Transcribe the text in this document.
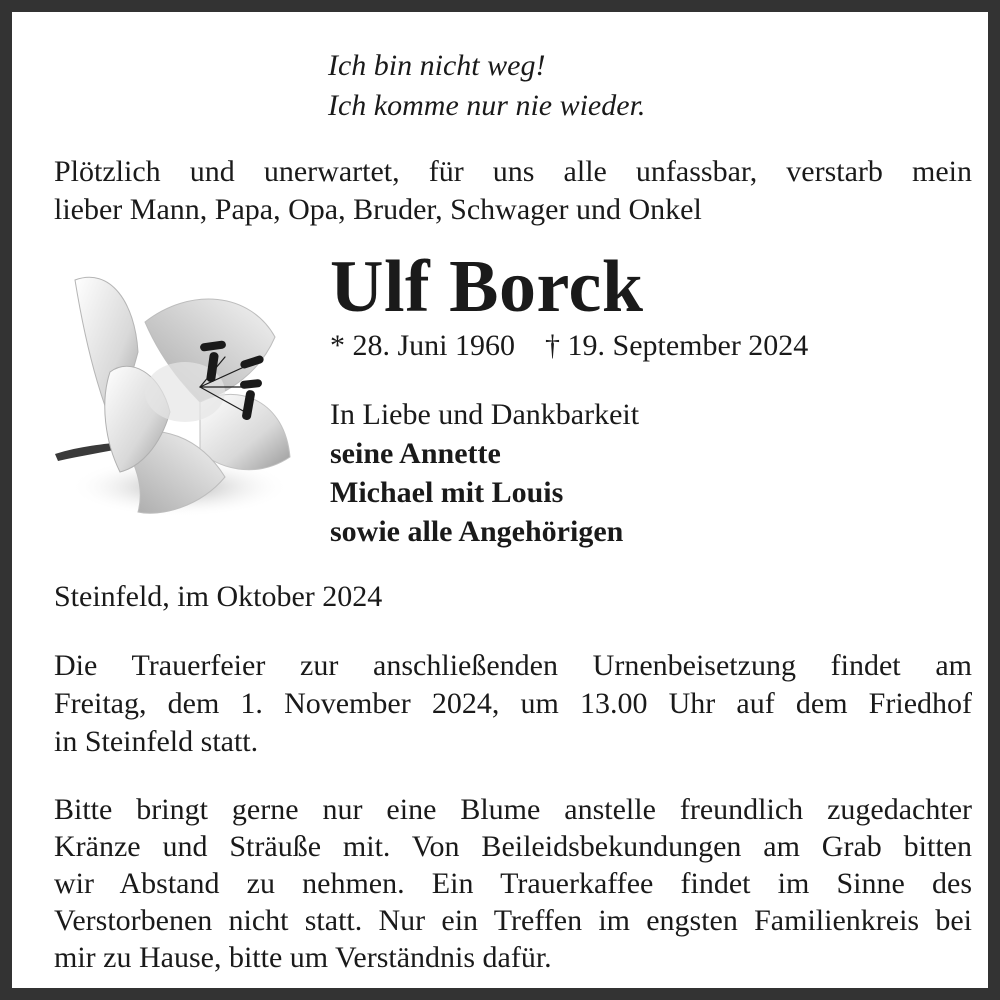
Ich bin nicht weg!

Ich komme nur nie wieder.

Plötzlich und unerwartet, für uns alle unfassbar, verstarb mein

lieber Mann, Papa, Opa, Bruder, Schwager und Onkel

Ulf Borck

* 28. Juni 1960 † 19. September 2024

In Liebe und Dankbarkeit

seine Annette

Michael mit Louis

sowie alle Angehörigen

Steinfeld, im Oktober 2024

Die Trauerfeier zur anschließenden Urnenbeisetzung findet am

Freitag, dem 1. November 2024, um 13.00 Uhr auf dem Friedhof

in Steinfeld statt.

Bitte bringt gerne nur eine Blume anstelle freundlich zugedachter

Kränze und Sträuße mit. Von Beileidsbekundungen am Grab bitten

wir Abstand zu nehmen. Ein Trauerkaffee findet im Sinne des

Verstorbenen nicht statt. Nur ein Treffen im engsten Familienkreis bei

mir zu Hause, bitte um Verständnis dafür.
